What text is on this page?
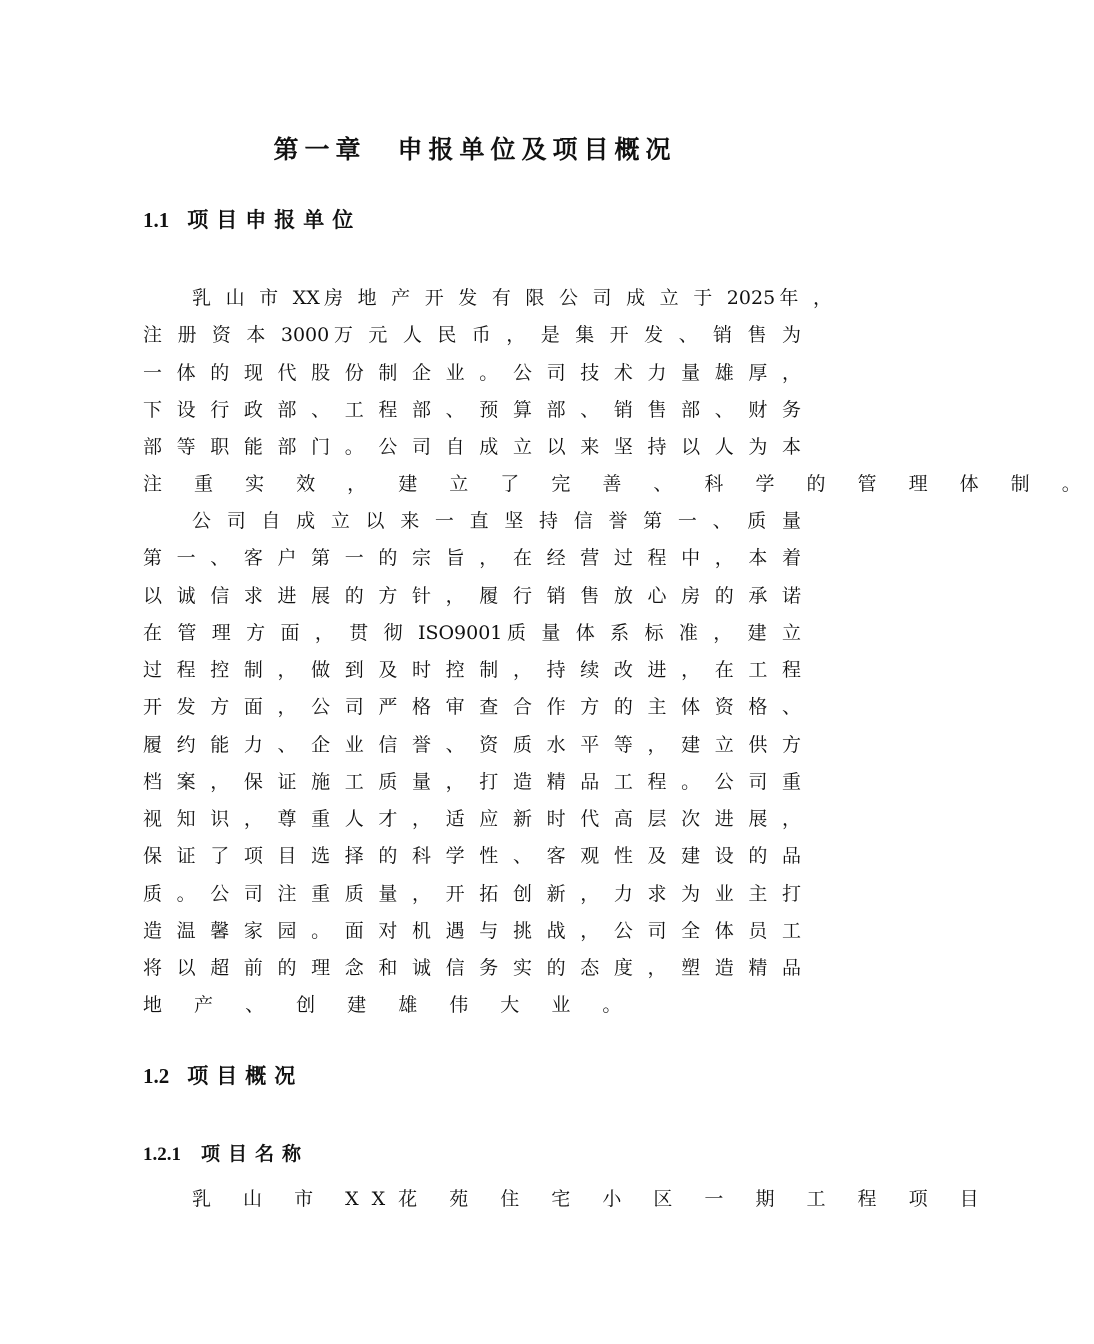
第一章　申报单位及项目概况
1.1 项目申报单位
乳 山 市 XX房 地 产 开 发 有 限 公 司 成 立 于 2025年 ，
注 册 资 本 3000万 元 人 民 币 ， 是 集 开 发 、 销 售 为
一 体 的 现 代 股 份 制 企 业 。 公 司 技 术 力 量 雄 厚 ，
下 设 行 政 部 、 工 程 部 、 预 算 部 、 销 售 部 、 财 务
部 等 职 能 部 门 。 公 司 自 成 立 以 来 坚 持 以 人 为 本
注 重 实 效 ， 建 立 了 完 善 、 科 学 的 管 理 体 制 。
公 司 自 成 立 以 来 一 直 坚 持 信 誉 第 一 、 质 量
第 一 、 客 户 第 一 的 宗 旨 ， 在 经 营 过 程 中 ， 本 着
以 诚 信 求 进 展 的 方 针 ， 履 行 销 售 放 心 房 的 承 诺
在 管 理 方 面 ， 贯 彻 ISO9001质 量 体 系 标 准 ， 建 立
过 程 控 制 ， 做 到 及 时 控 制 ， 持 续 改 进 ， 在 工 程
开 发 方 面 ， 公 司 严 格 审 查 合 作 方 的 主 体 资 格 、
履 约 能 力 、 企 业 信 誉 、 资 质 水 平 等 ， 建 立 供 方
档 案 ， 保 证 施 工 质 量 ， 打 造 精 品 工 程 。 公 司 重
视 知 识 ， 尊 重 人 才 ， 适 应 新 时 代 高 层 次 进 展 ，
保 证 了 项 目 选 择 的 科 学 性 、 客 观 性 及 建 设 的 品
质 。 公 司 注 重 质 量 ， 开 拓 创 新 ， 力 求 为 业 主 打
造 温 馨 家 园 。 面 对 机 遇 与 挑 战 ， 公 司 全 体 员 工
将 以 超 前 的 理 念 和 诚 信 务 实 的 态 度 ， 塑 造 精 品
地 产 、 创 建 雄 伟 大 业 。
1.2 项目概况
1.2.1 项目名称
乳 山 市 XX花 苑 住 宅 小 区 一 期 工 程 项 目
